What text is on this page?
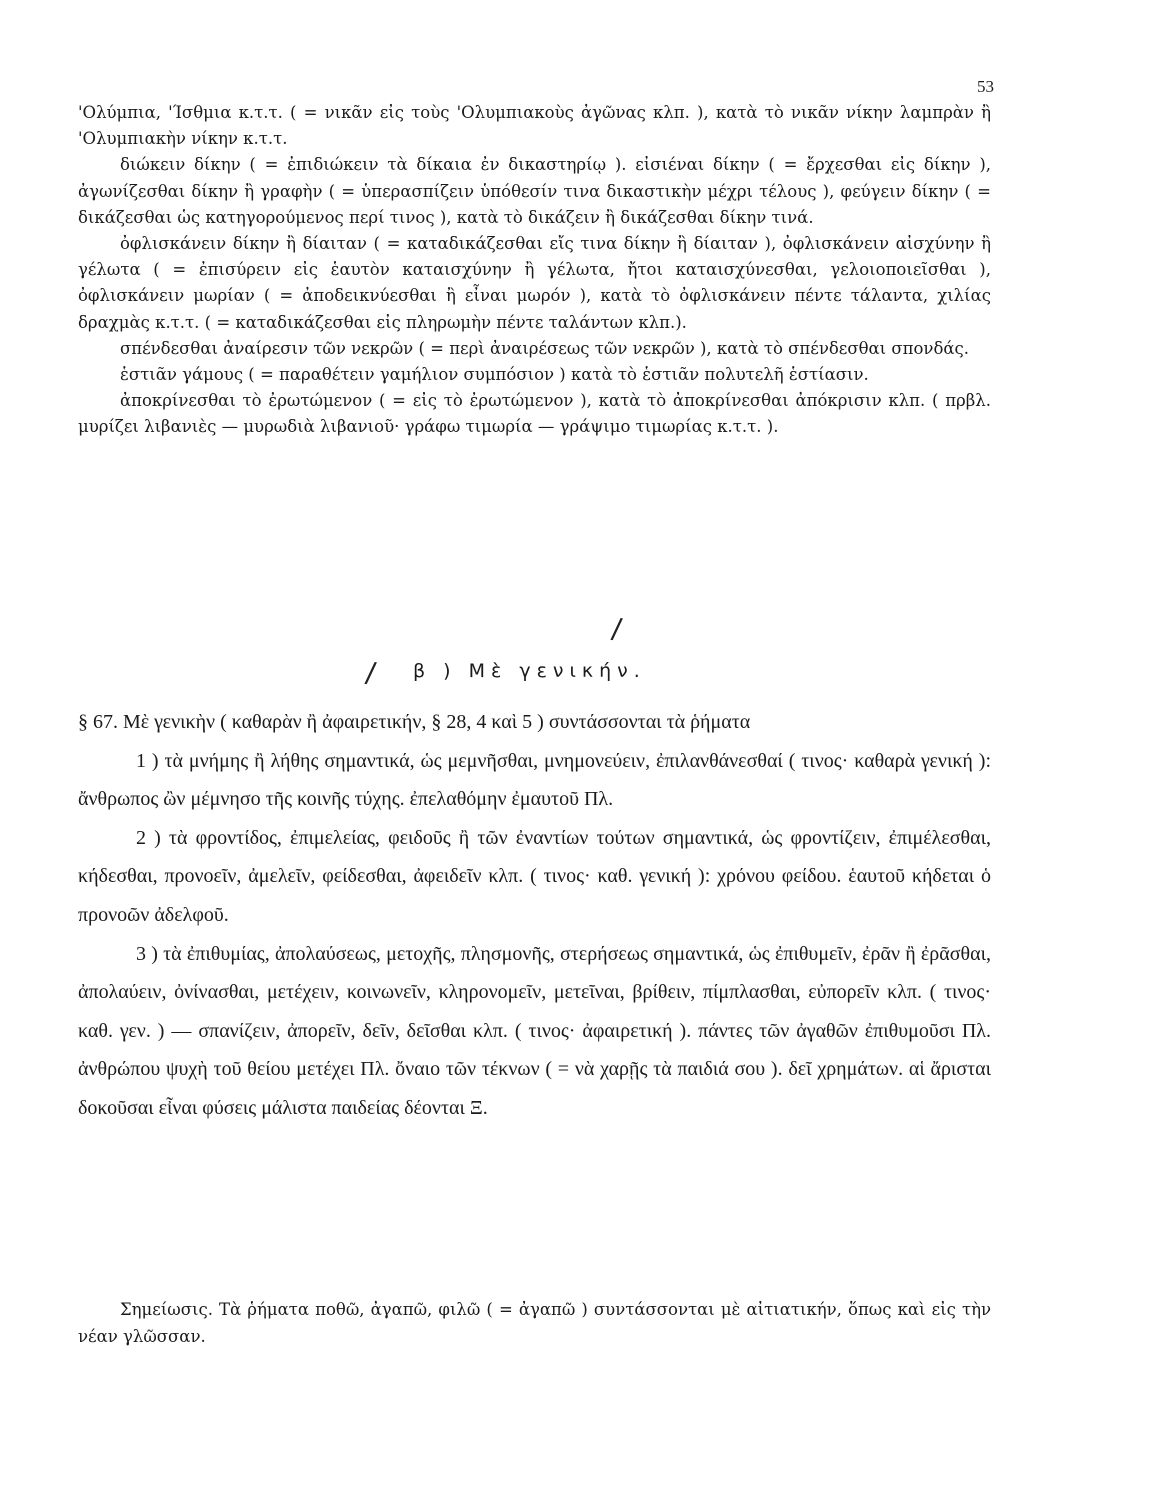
53

'Ολύμπια, 'Ίσθμια κ.τ.τ. ( = νικᾶν εἰς τοὺς 'Ολυμπιακοὺς ἀγῶνας κλπ. ), κατὰ τὸ νικᾶν νίκην λαμπρὰν ἢ 'Ολυμπιακὴν νίκην κ.τ.τ.

διώκειν δίκην ( = ἐπιδιώκειν τὰ δίκαια ἐν δικαστηρίῳ ). εἰσιέναι δίκην ( = ἔρχεσθαι εἰς δίκην ), ἀγωνίζεσθαι δίκην ἢ γραφὴν ( = ὑπερασπίζειν ὑπόθεσίν τινα δικαστικὴν μέχρι τέλους ), φεύγειν δίκην ( = δικάζεσθαι ὡς κατηγορούμενος περί τινος ), κατὰ τὸ δικάζειν ἢ δικάζεσθαι δίκην τινά.

ὀφλισκάνειν δίκην ἢ δίαιταν ( = καταδικάζεσθαι εἴς τινα δίκην ἢ δίαιταν ), ὀφλισκάνειν αἰσχύνην ἢ γέλωτα ( = ἐπισύρειν εἰς ἑαυτὸν καταισχύνην ἢ γέλωτα, ἤτοι καταισχύνεσθαι, γελοιοποιεῖσθαι ), ὀφλισκάνειν μωρίαν ( = ἀποδεικνύεσθαι ἢ εἶναι μωρόν ), κατὰ τὸ ὀφλισκάνειν πέντε τάλαντα, χιλίας δραχμὰς κ.τ.τ. ( = καταδικάζεσθαι εἰς πληρωμὴν πέντε ταλάντων κλπ.).

σπένδεσθαι ἀναίρεσιν τῶν νεκρῶν ( = περὶ ἀναιρέσεως τῶν νεκρῶν ), κατὰ τὸ σπένδεσθαι σπονδάς.

ἑστιᾶν γάμους ( = παραθέτειν γαμήλιον συμπόσιον ) κατὰ τὸ ἑστιᾶν πολυτελῆ ἑστίασιν.

ἀποκρίνεσθαι τὸ ἐρωτώμενον ( = εἰς τὸ ἐρωτώμενον ), κατὰ τὸ ἀποκρίνεσθαι ἀπόκρισιν κλπ. ( πρβλ. μυρίζει λιβανιὲς — μυρωδιὰ λιβανιοῦ· γράφω τιμωρία — γράψιμο τιμωρίας κ.τ.τ. ).

/
/ β ) Μὲ γενικήν.

§ 67. Μὲ γενικὴν ( καθαρὰν ἢ ἀφαιρετικήν, § 28, 4 καὶ 5 ) συντάσσονται τὰ ῥήματα

1 ) τὰ μνήμης ἢ λήθης σημαντικά, ὡς μεμνῆσθαι, μνημονεύειν, ἐπιλανθάνεσθαί ( τινος· καθαρὰ γενική ): ἄνθρωπος ὢν μέμνησο τῆς κοινῆς τύχης. ἐπελαθόμην ἐμαυτοῦ Πλ.

2 ) τὰ φροντίδος, ἐπιμελείας, φειδοῦς ἢ τῶν ἐναντίων τούτων σημαντικά, ὡς φροντίζειν, ἐπιμέλεσθαι, κήδεσθαι, προνοεῖν, ἀμελεῖν, φείδεσθαι, ἀφειδεῖν κλπ. ( τινος· καθ. γενική ): χρόνου φείδου. ἑαυτοῦ κήδεται ὁ προνοῶν ἀδελφοῦ.

3 ) τὰ ἐπιθυμίας, ἀπολαύσεως, μετοχῆς, πλησμονῆς, στερήσεως σημαντικά, ὡς ἐπιθυμεῖν, ἐρᾶν ἢ ἐρᾶσθαι, ἀπολαύειν, ὀνίνασθαι, μετέχειν, κοινωνεῖν, κληρονομεῖν, μετεῖναι, βρίθειν, πίμπλασθαι, εὐπορεῖν κλπ. ( τινος· καθ. γεν. ) — σπανίζειν, ἀπορεῖν, δεῖν, δεῖσθαι κλπ. ( τινος· ἀφαιρετική ). πάντες τῶν ἀγαθῶν ἐπιθυμοῦσι Πλ. ἀνθρώπου ψυχὴ τοῦ θείου μετέχει Πλ. ὄναιο τῶν τέκνων ( = νὰ χαρῇς τὰ παιδιά σου ). δεῖ χρημάτων. αἱ ἄρισται δοκοῦσαι εἶναι φύσεις μάλιστα παιδείας δέονται Ξ.

Σημείωσις. Τὰ ῥήματα ποθῶ, ἀγαπῶ, φιλῶ ( = ἀγαπῶ ) συντάσσονται μὲ αἰτιατικήν, ὅπως καὶ εἰς τὴν νέαν γλῶσσαν.
